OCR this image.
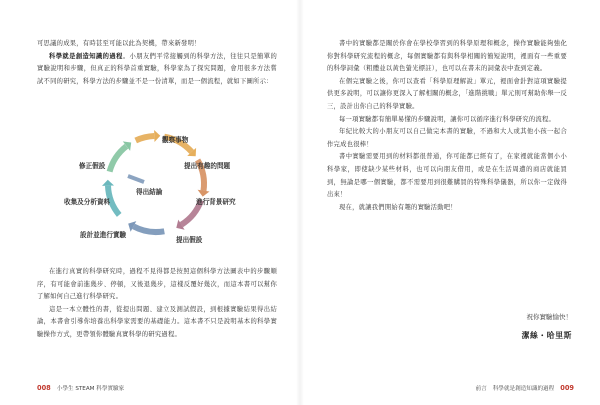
可思議的成果，有時甚至可能以此為契機，帶來新發明！

科學就是創造知識的過程。小朋友們平常接觸到的科學方法，往往只是簡單的實驗說明和步驟，但真正的科學首重實驗，科學家為了探究問題，會用很多方法嘗試不同的研究，科學方法的步驟並不是一份清單，而是一個流程，就如下圖所示：

觀察事物
提出有趣的問題
進行背景研究
提出假設
設計並進行實驗
收集及分析資料
得出結論
修正假設

在進行真實的科學研究時，過程不見得都是按照這個科學方法圖表中的步驟順序，有可能會前進幾步、停頓，又後退幾步，這樣反覆好幾次，而這本書可以幫你了解如何自己進行科學研究。

這是一本立體性的書，從提出問題、建立及測試假設，到根據實驗結果得出結論，本書會引導你培養出科學家需要的基礎能力。這本書不只是說明基本的科學實驗操作方式，更帶領你體驗真實科學的研究過程。

008 小學生 STEAM 科學實驗家

書中的實驗都是關於你會在學校學習到的科學原理和概念，操作實驗能夠強化你對科學研究流程的概念，每個實驗都有與科學相關的簡短說明，裡面有一些重要的科學詞彙（粗體並以黃色螢光標註），也可以在書末的詞彙表中查到定義。

在個完實驗之後，你可以查看「科學原理解說」單元，裡面會針對這項實驗提供更多說明，可以讓你更深入了解相關的概念，「進階挑戰」單元則可幫助你舉一反三，設計出你自己的科學實驗。

每一項實驗都有簡單易懂的步驟說明，讓你可以循序進行科學研究的流程。

年紀比較大的小朋友可以自己做完本書的實驗，不過和大人或其他小孩一起合作完成也很棒！

書中實驗需要用到的材料都很普通，你可能都已經有了，在家裡就能當個小小科學家，即使缺少某些材料，也可以向朋友借用，或是在生活周遭的商店就能買到，無論是哪一個實驗，都不需要用到很難購買的特殊科學儀器，所以你一定做得出來！

現在，就讓我們開始有趣的實驗活動吧！

祝你實驗愉快！
潔絲・哈里斯
前言 科學就是創造知識的過程 009
